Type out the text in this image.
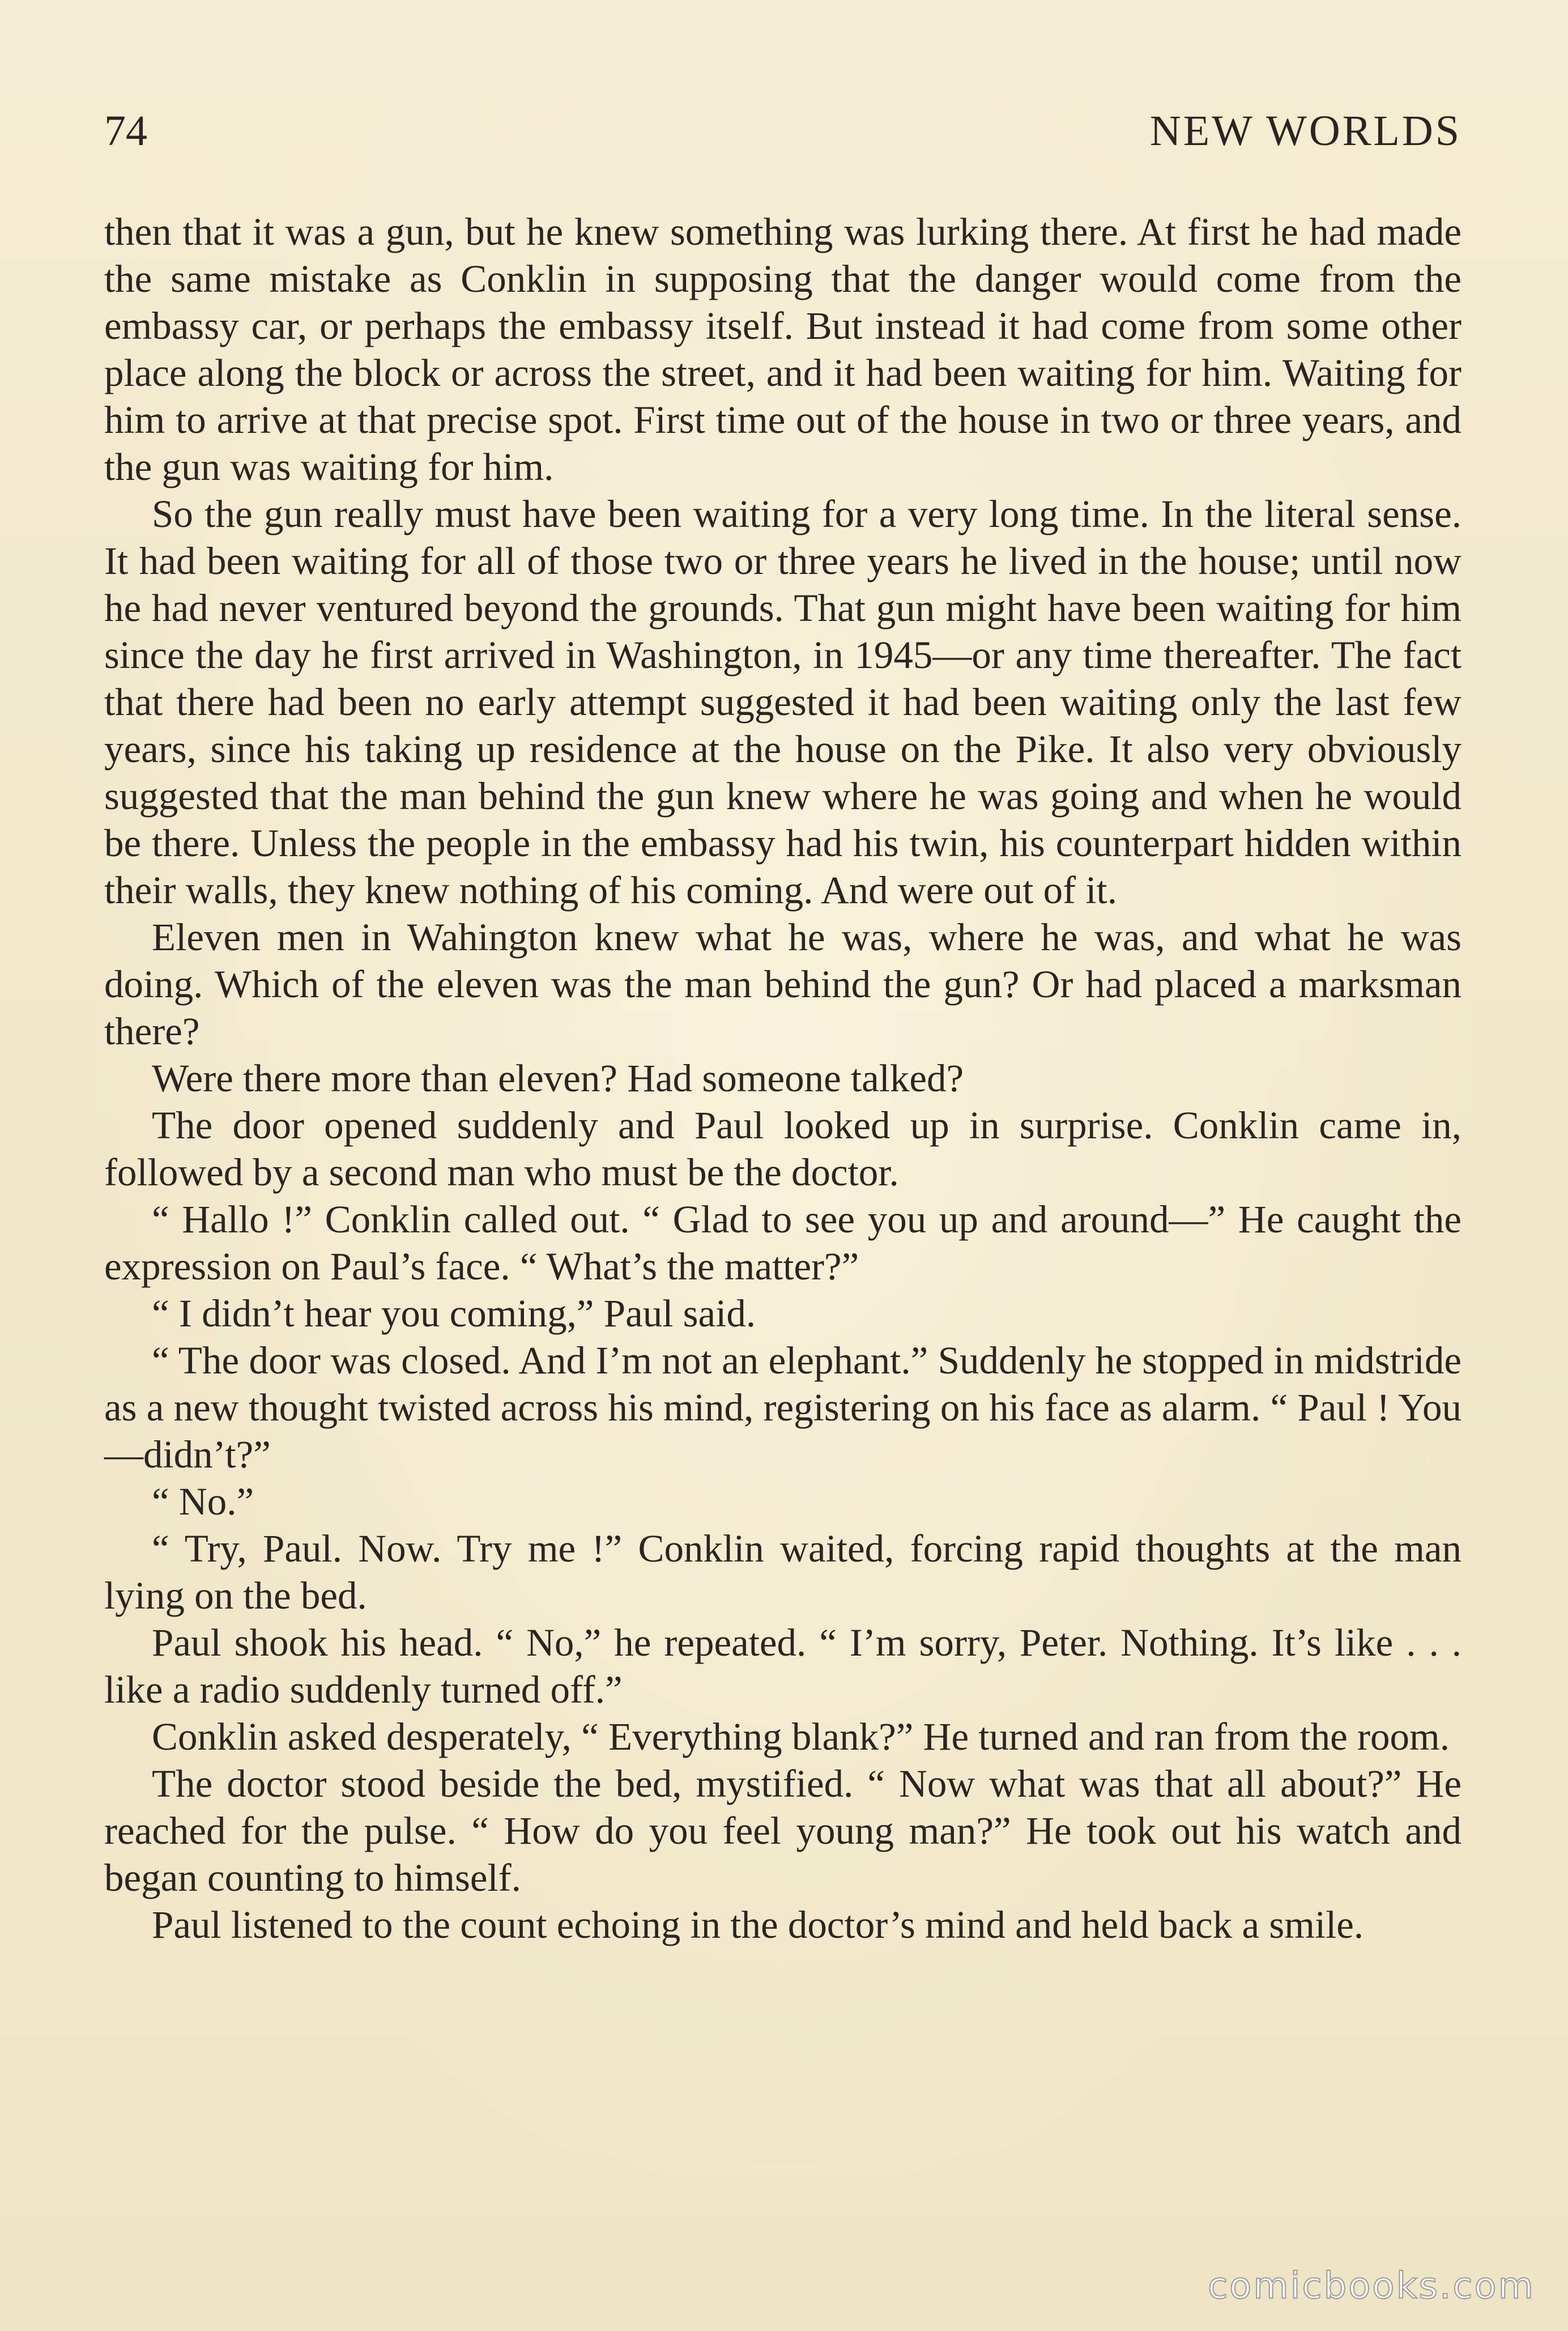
74	NEW WORLDS

then that it was a gun, but he knew something was lurking there. At first he had made the same mistake as Conklin in supposing that the danger would come from the embassy car, or perhaps the embassy itself. But instead it had come from some other place along the block or across the street, and it had been waiting for him. Waiting for him to arrive at that precise spot. First time out of the house in two or three years, and the gun was waiting for him.

So the gun really must have been waiting for a very long time. In the literal sense. It had been waiting for all of those two or three years he lived in the house; until now he had never ventured beyond the grounds. That gun might have been waiting for him since the day he first arrived in Washington, in 1945—or any time thereafter. The fact that there had been no early attempt suggested it had been waiting only the last few years, since his taking up residence at the house on the Pike. It also very obviously suggested that the man behind the gun knew where he was going and when he would be there. Unless the people in the embassy had his twin, his counterpart hidden within their walls, they knew nothing of his coming. And were out of it.

Eleven men in Wahington knew what he was, where he was, and what he was doing. Which of the eleven was the man behind the gun? Or had placed a marksman there?

Were there more than eleven? Had someone talked?

The door opened suddenly and Paul looked up in surprise. Conklin came in, followed by a second man who must be the doctor.

“ Hallo !” Conklin called out. “ Glad to see you up and around—” He caught the expression on Paul’s face. “ What’s the matter?”

“ I didn’t hear you coming,” Paul said.

“ The door was closed. And I’m not an elephant.” Suddenly he stopped in midstride as a new thought twisted across his mind, registering on his face as alarm. “ Paul ! You—didn’t?”

“ No.”

“ Try, Paul. Now. Try me !” Conklin waited, forcing rapid thoughts at the man lying on the bed.

Paul shook his head. “ No,” he repeated. “ I’m sorry, Peter. Nothing. It’s like . . . like a radio suddenly turned off.”

Conklin asked desperately, “ Everything blank?” He turned and ran from the room.

The doctor stood beside the bed, mystified. “ Now what was that all about?” He reached for the pulse. “ How do you feel young man?” He took out his watch and began counting to himself.

Paul listened to the count echoing in the doctor’s mind and held back a smile.

comicbooks.com
